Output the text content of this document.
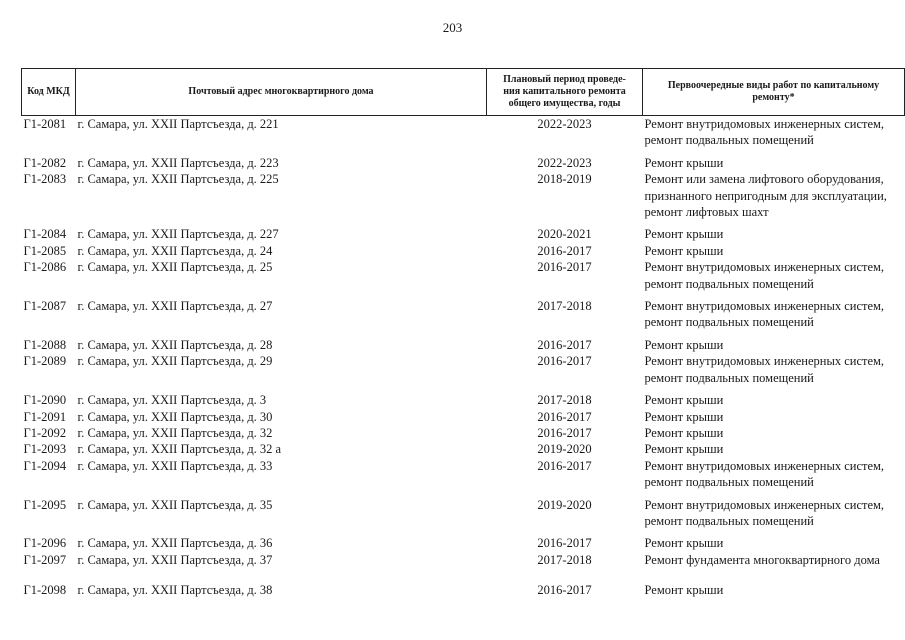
203
Код МКД	Почтовый адрес многоквартирного дома	Плановый период проведе-
ния капитального ремонта
общего имущества, годы	Первоочередные виды работ по капитальному
ремонту*
Г1-2081	г. Самара, ул. XXII Партсъезда, д. 221	2022-2023	Ремонт внутридомовых инженерных систем,
ремонт подвальных помещений

Г1-2082	г. Самара, ул. XXII Партсъезда, д. 223	2022-2023	Ремонт крыши

Г1-2083	г. Самара, ул. XXII Партсъезда, д. 225	2018-2019	Ремонт или замена лифтового оборудования,
признанного непригодным для эксплуатации,
ремонт лифтовых шахт

Г1-2084	г. Самара, ул. XXII Партсъезда, д. 227	2020-2021	Ремонт крыши

Г1-2085	г. Самара, ул. XXII Партсъезда, д. 24	2016-2017	Ремонт крыши

Г1-2086	г. Самара, ул. XXII Партсъезда, д. 25	2016-2017	Ремонт внутридомовых инженерных систем,
ремонт подвальных помещений

Г1-2087	г. Самара, ул. XXII Партсъезда, д. 27	2017-2018	Ремонт внутридомовых инженерных систем,
ремонт подвальных помещений

Г1-2088	г. Самара, ул. XXII Партсъезда, д. 28	2016-2017	Ремонт крыши

Г1-2089	г. Самара, ул. XXII Партсъезда, д. 29	2016-2017	Ремонт внутридомовых инженерных систем,
ремонт подвальных помещений

Г1-2090	г. Самара, ул. XXII Партсъезда, д. 3	2017-2018	Ремонт крыши

Г1-2091	г. Самара, ул. XXII Партсъезда, д. 30	2016-2017	Ремонт крыши

Г1-2092	г. Самара, ул. XXII Партсъезда, д. 32	2016-2017	Ремонт крыши

Г1-2093	г. Самара, ул. XXII Партсъезда, д. 32 а	2019-2020	Ремонт крыши

Г1-2094	г. Самара, ул. XXII Партсъезда, д. 33	2016-2017	Ремонт внутридомовых инженерных систем,
ремонт подвальных помещений

Г1-2095	г. Самара, ул. XXII Партсъезда, д. 35	2019-2020	Ремонт внутридомовых инженерных систем,
ремонт подвальных помещений

Г1-2096	г. Самара, ул. XXII Партсъезда, д. 36	2016-2017	Ремонт крыши

Г1-2097	г. Самара, ул. XXII Партсъезда, д. 37	2017-2018	Ремонт фундамента многоквартирного дома

Г1-2098	г. Самара, ул. XXII Партсъезда, д. 38	2016-2017	Ремонт крыши
